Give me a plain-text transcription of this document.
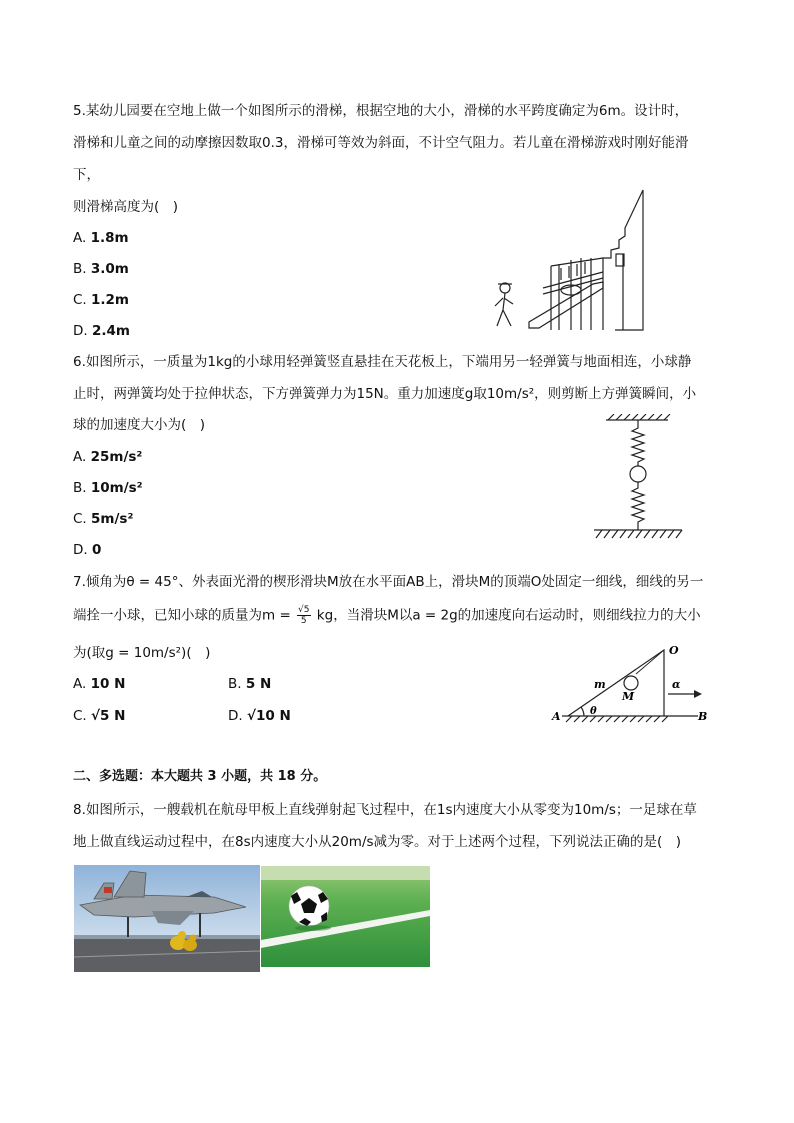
5.某幼儿园要在空地上做一个如图所示的滑梯，根据空地的大小，滑梯的水平跨度确定为6m。设计时，
滑梯和儿童之间的动摩擦因数取0.3，滑梯可等效为斜面，不计空气阻力。若儿童在滑梯游戏时刚好能滑
下，
则滑梯高度为(　)
A. 1.8m
B. 3.0m
C. 1.2m
D. 2.4m
6.如图所示，一质量为1kg的小球用轻弹簧竖直悬挂在天花板上，下端用另一轻弹簧与地面相连，小球静
止时，两弹簧均处于拉伸状态，下方弹簧弹力为15N。重力加速度g取10m/s²，则剪断上方弹簧瞬间，小
球的加速度大小为(　)
A. 25m/s²
B. 10m/s²
C. 5m/s²
D. 0
7.倾角为θ = 45°、外表面光滑的楔形滑块M放在水平面AB上，滑块M的顶端O处固定一细线，细线的另一
端拴一小球，已知小球的质量为$m = \frac{√5}{5}$ kg，当滑块M以a = 2g的加速度向右运动时，则细线拉力的大小
为(取g = 10m/s²)(　)
A. 10 N	B. 5 N
C. √5 N	D. √10 N
O
m
M
α
A	θ	B
二、多选题：本大题共 3 小题，共 18 分。
8.如图所示，一艘载机在航母甲板上直线弹射起飞过程中，在1s内速度大小从零变为10m/s；一足球在草
地上做直线运动过程中，在8s内速度大小从20m/s减为零。对于上述两个过程，下列说法正确的是(　)
